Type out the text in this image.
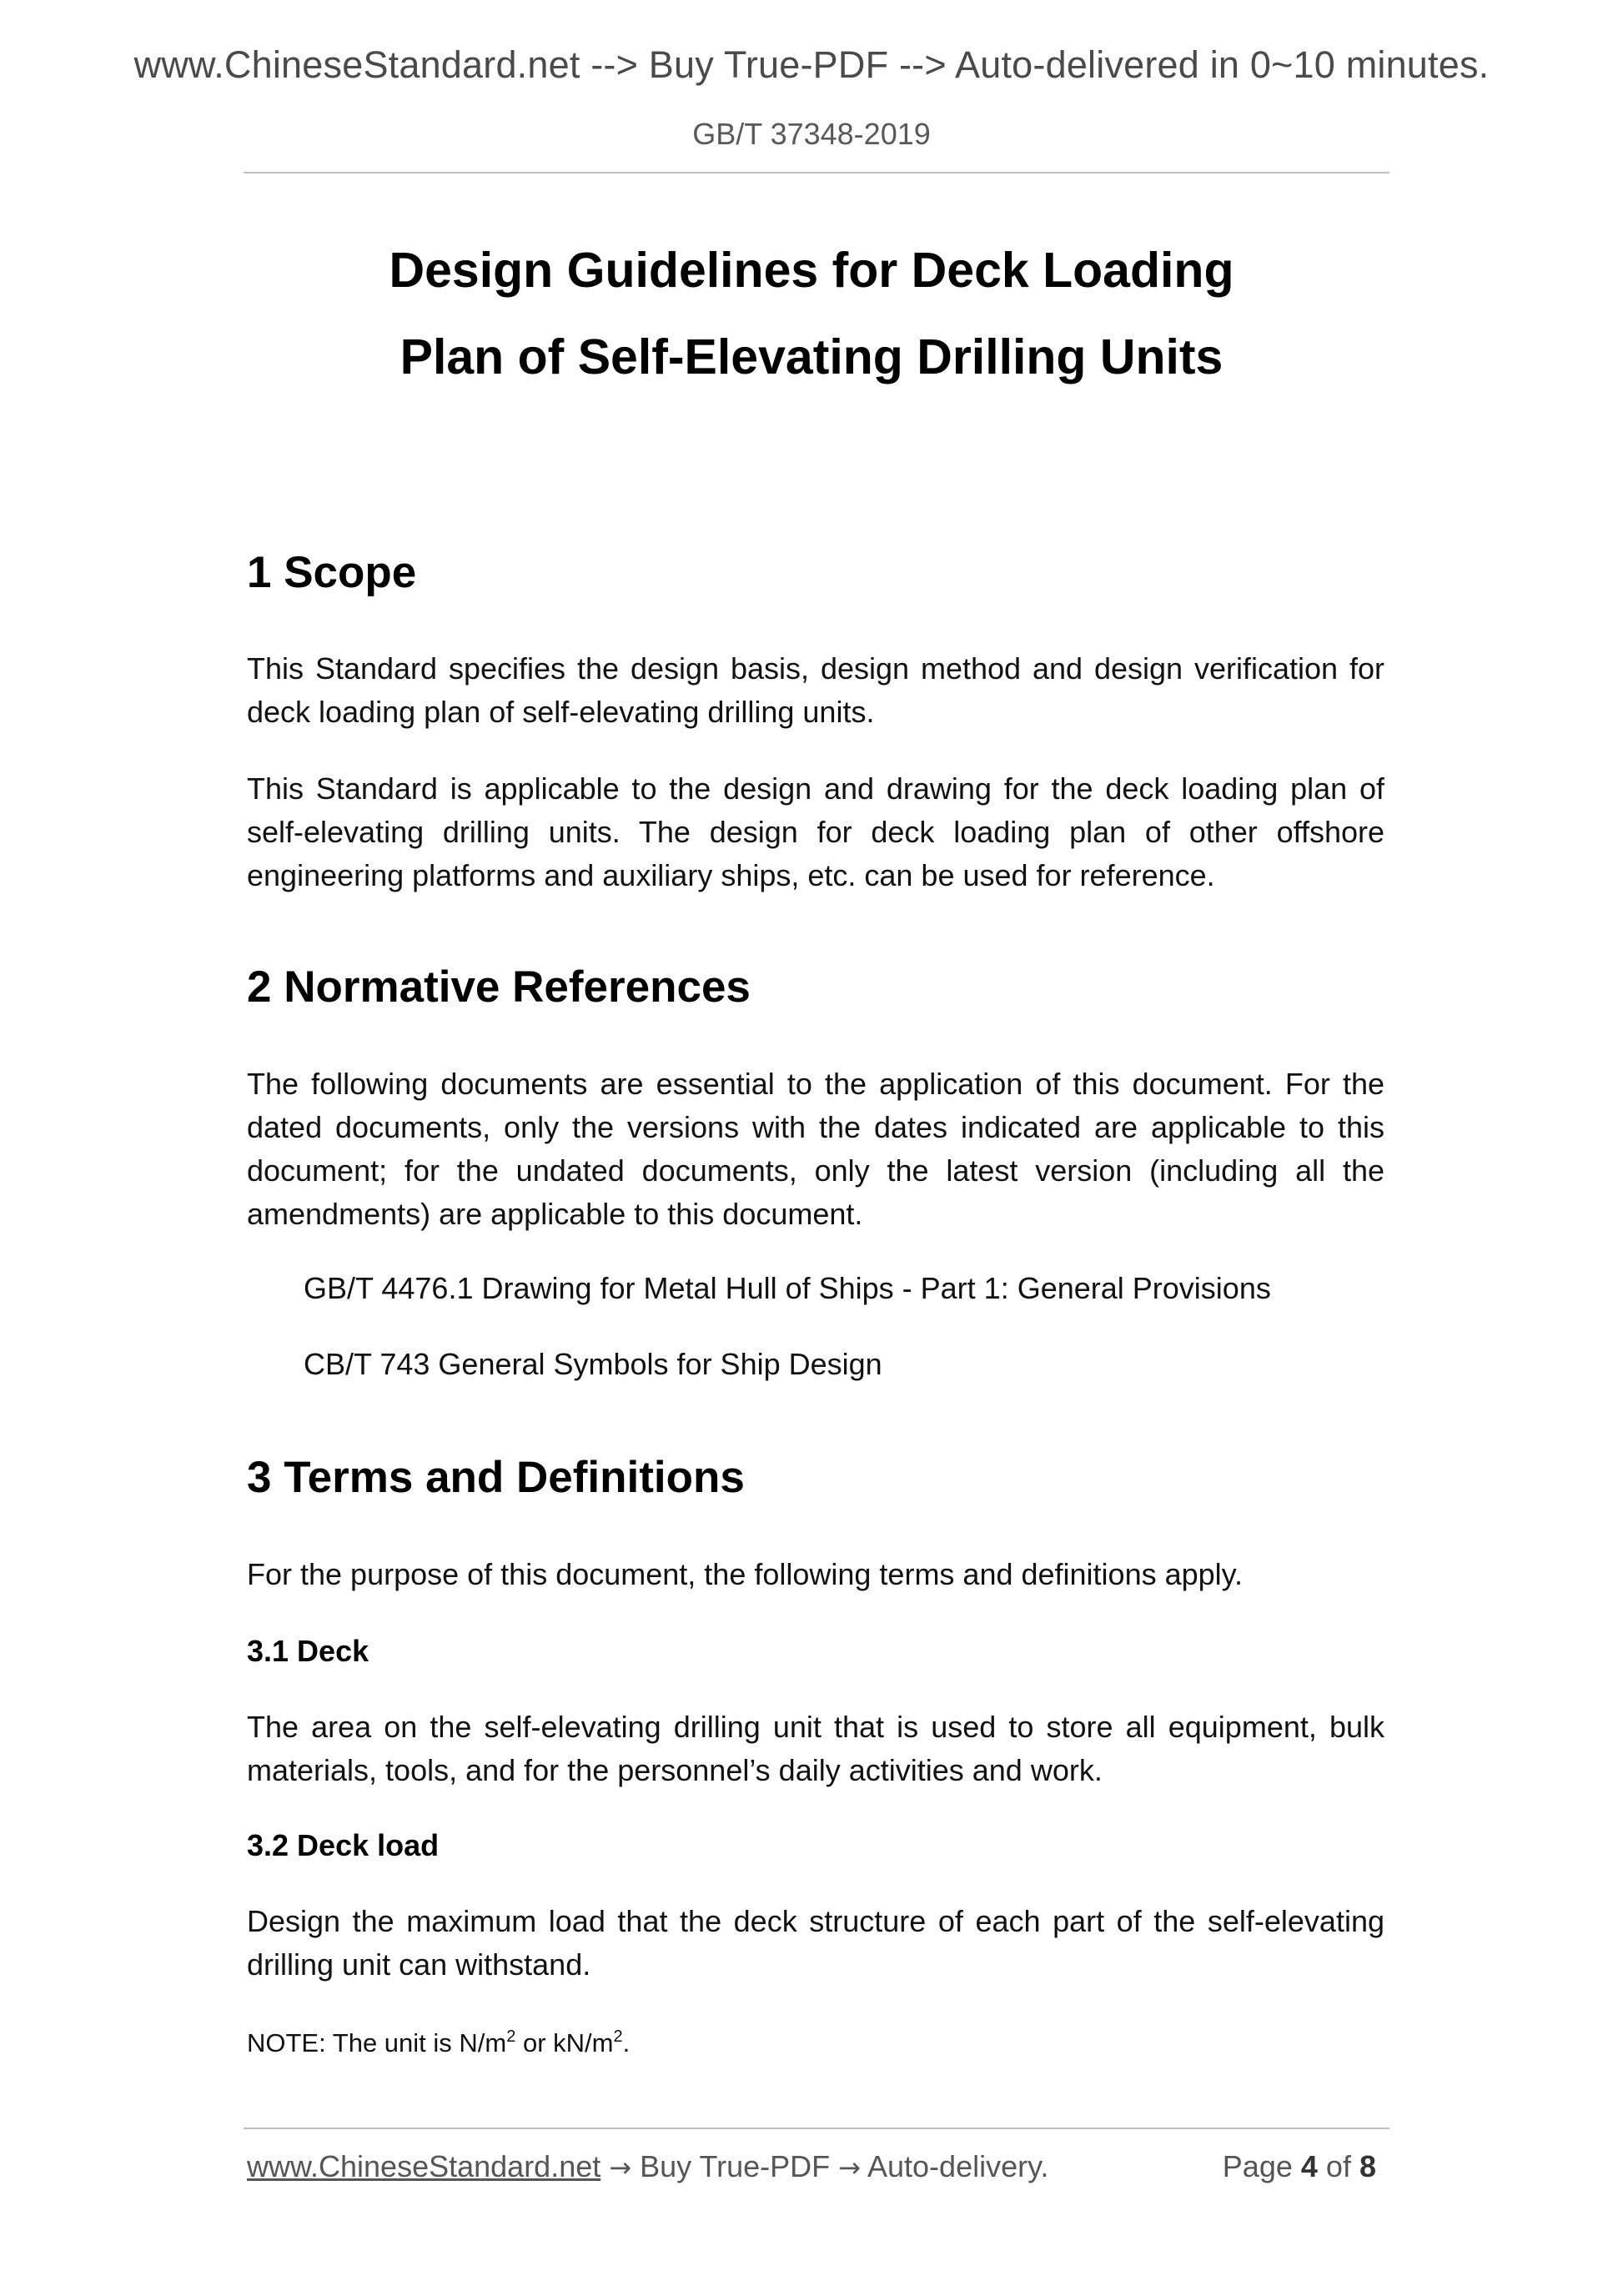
www.ChineseStandard.net --> Buy True-PDF --> Auto-delivered in 0~10 minutes.
GB/T 37348-2019
Design Guidelines for Deck Loading
Plan of Self-Elevating Drilling Units
1 Scope

This Standard specifies the design basis, design method and design verification for deck loading plan of self-elevating drilling units.

This Standard is applicable to the design and drawing for the deck loading plan of self-elevating drilling units. The design for deck loading plan of other offshore engineering platforms and auxiliary ships, etc. can be used for reference.

2 Normative References

The following documents are essential to the application of this document. For the dated documents, only the versions with the dates indicated are applicable to this document; for the undated documents, only the latest version (including all the amendments) are applicable to this document.

GB/T 4476.1 Drawing for Metal Hull of Ships - Part 1: General Provisions

CB/T 743 General Symbols for Ship Design

3 Terms and Definitions

For the purpose of this document, the following terms and definitions apply.

3.1 Deck

The area on the self-elevating drilling unit that is used to store all equipment, bulk materials, tools, and for the personnel’s daily activities and work.

3.2 Deck load

Design the maximum load that the deck structure of each part of the self-elevating drilling unit can withstand.

NOTE: The unit is $N/m^2$ or $kN/m^2$.

www.ChineseStandard.net → Buy True-PDF → Auto-delivery.	Page 4 of 8
